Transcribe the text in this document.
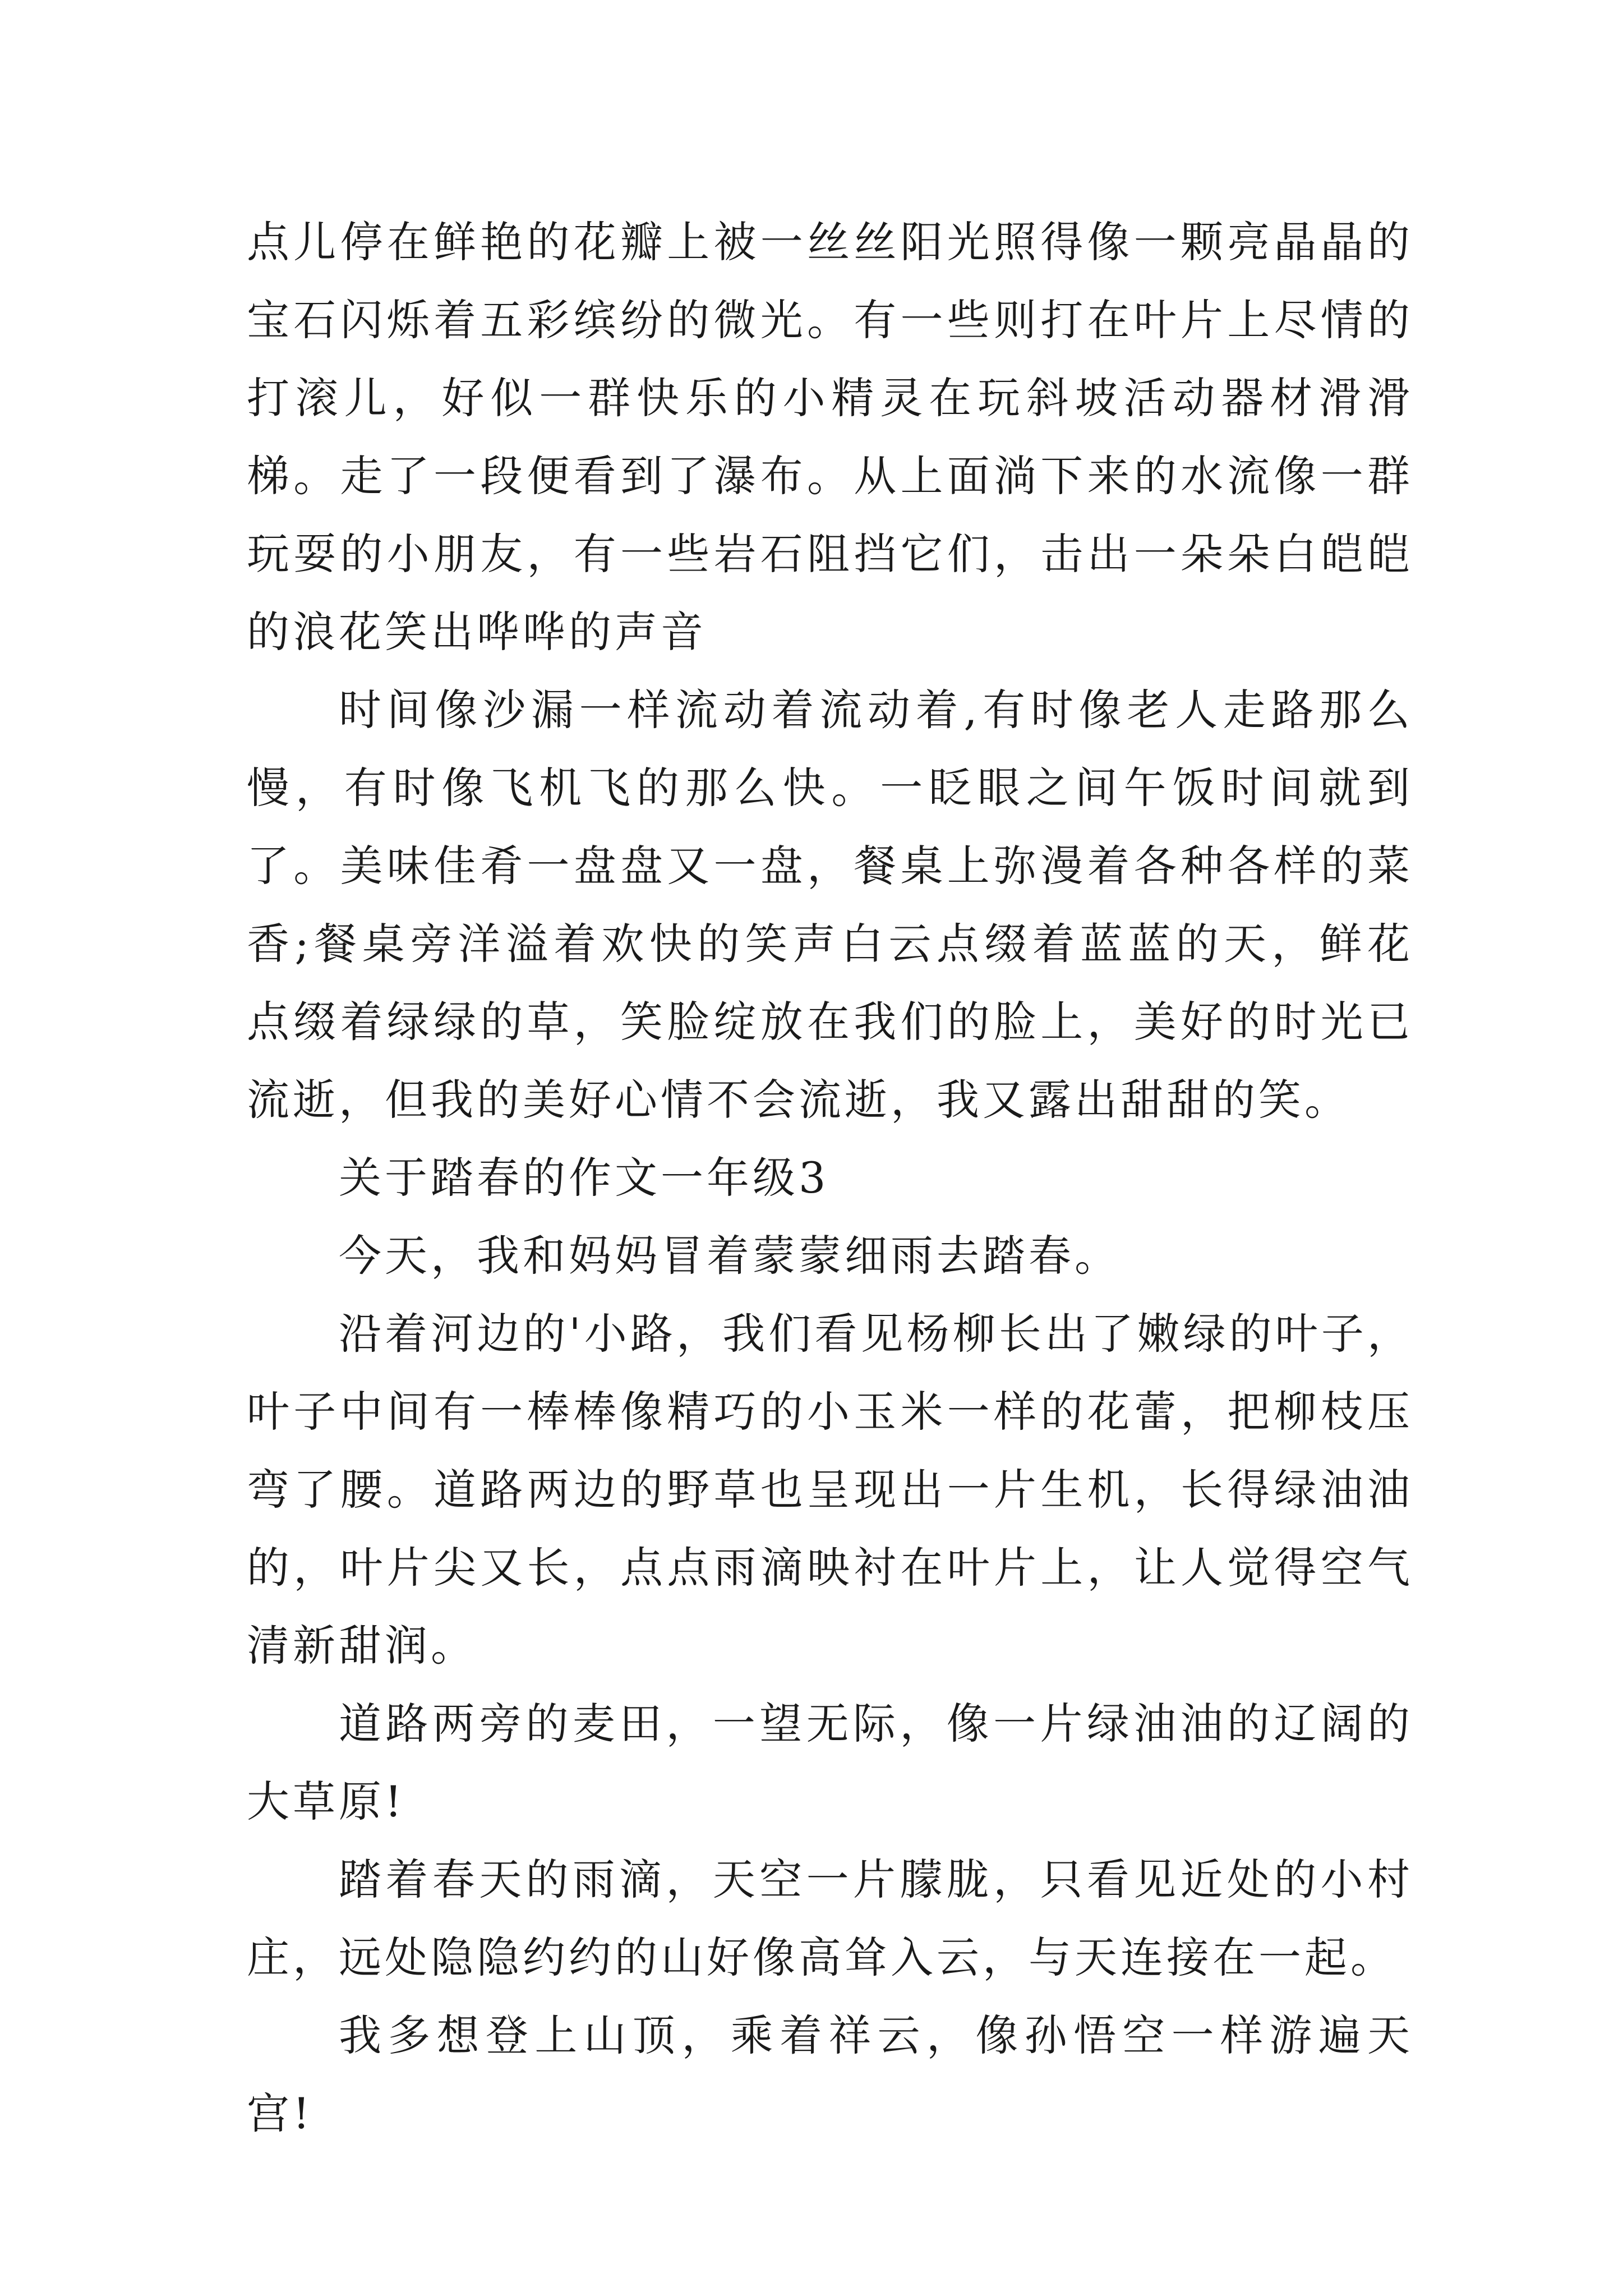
点儿停在鲜艳的花瓣上被一丝丝阳光照得像一颗亮晶晶的宝石闪烁着五彩缤纷的微光。有一些则打在叶片上尽情的打滚儿，好似一群快乐的小精灵在玩斜坡活动器材滑滑梯。走了一段便看到了瀑布。从上面淌下来的水流像一群玩耍的小朋友，有一些岩石阻挡它们，击出一朵朵白皑皑的浪花笑出哗哗的声音

时间像沙漏一样流动着流动着,有时像老人走路那么慢，有时像飞机飞的那么快。一眨眼之间午饭时间就到了。美味佳肴一盘盘又一盘，餐桌上弥漫着各种各样的菜香;餐桌旁洋溢着欢快的笑声白云点缀着蓝蓝的天，鲜花点缀着绿绿的草，笑脸绽放在我们的脸上，美好的时光已流逝，但我的美好心情不会流逝，我又露出甜甜的笑。

关于踏春的作文一年级3

今天，我和妈妈冒着蒙蒙细雨去踏春。

沿着河边的'小路，我们看见杨柳长出了嫩绿的叶子，叶子中间有一棒棒像精巧的小玉米一样的花蕾，把柳枝压弯了腰。道路两边的野草也呈现出一片生机，长得绿油油的，叶片尖又长，点点雨滴映衬在叶片上，让人觉得空气清新甜润。

道路两旁的麦田，一望无际，像一片绿油油的辽阔的大草原!

踏着春天的雨滴，天空一片朦胧，只看见近处的小村庄，远处隐隐约约的山好像高耸入云，与天连接在一起。

我多想登上山顶，乘着祥云，像孙悟空一样游遍天宫!
